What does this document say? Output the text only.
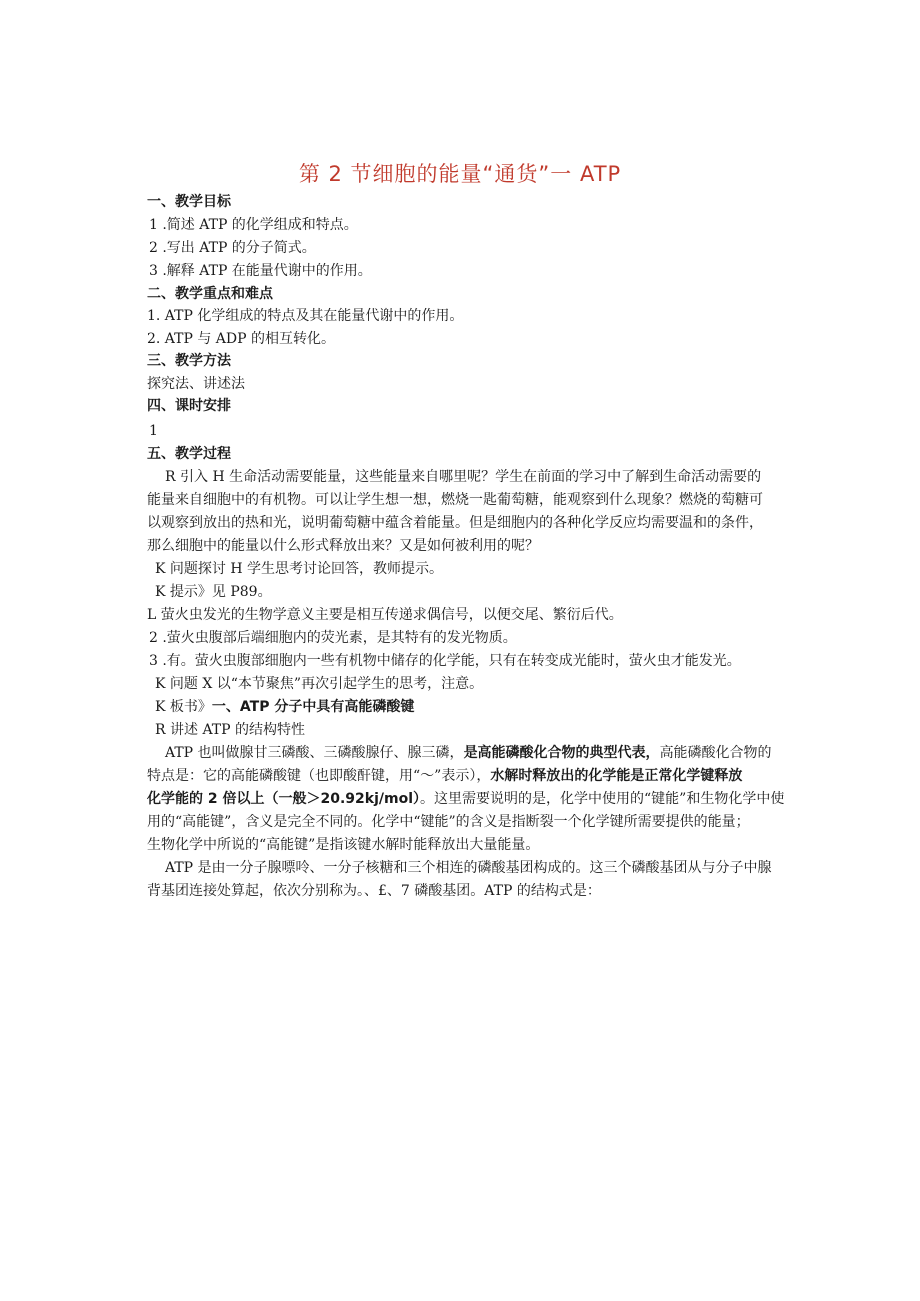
第 2 节细胞的能量“通货”一 ATP
一、教学目标
1 .简述 ATP 的化学组成和特点。
2 .写出 ATP 的分子简式。
3 .解释 ATP 在能量代谢中的作用。
二、教学重点和难点
1. ATP 化学组成的特点及其在能量代谢中的作用。
2. ATP 与 ADP 的相互转化。
三、教学方法
探究法、讲述法
四、课时安排
1
五、教学过程
R 引入 H 生命活动需要能量，这些能量来自哪里呢？学生在前面的学习中了解到生命活动需要的
能量来自细胞中的有机物。可以让学生想一想，燃烧一匙葡萄糖，能观察到什么现象？燃烧的萄糖可
以观察到放出的热和光，说明葡萄糖中蕴含着能量。但是细胞内的各种化学反应均需要温和的条件，
那么细胞中的能量以什么形式释放出来？又是如何被利用的呢？
K 问题探讨 H 学生思考讨论回答，教师提示。
K 提示》见 P89。
L 萤火虫发光的生物学意义主要是相互传递求偶信号，以便交尾、繁衍后代。
2 .萤火虫腹部后端细胞内的荧光素，是其特有的发光物质。
3 .有。萤火虫腹部细胞内一些有机物中储存的化学能，只有在转变成光能时，萤火虫才能发光。
K 问题 X 以“本节聚焦”再次引起学生的思考，注意。
K 板书》一、ATP 分子中具有高能磷酸键
R 讲述 ATP 的结构特性
ATP 也叫做腺甘三磷酸、三磷酸腺仔、腺三磷，是高能磷酸化合物的典型代表，高能磷酸化合物的
特点是：它的高能磷酸键（也即酸酐键，用“～”表示），水解时释放出的化学能是正常化学键释放
化学能的 2 倍以上（一般＞20.92kj/mol）。这里需要说明的是，化学中使用的“键能”和生物化学中使
用的“高能键”，含义是完全不同的。化学中“键能”的含义是指断裂一个化学键所需要提供的能量；
生物化学中所说的“高能键”是指该键水解时能释放出大量能量。
ATP 是由一分子腺嘌呤、一分子核糖和三个相连的磷酸基团构成的。这三个磷酸基团从与分子中腺
背基团连接处算起，依次分别称为。、£、7 磷酸基团。ATP 的结构式是：
